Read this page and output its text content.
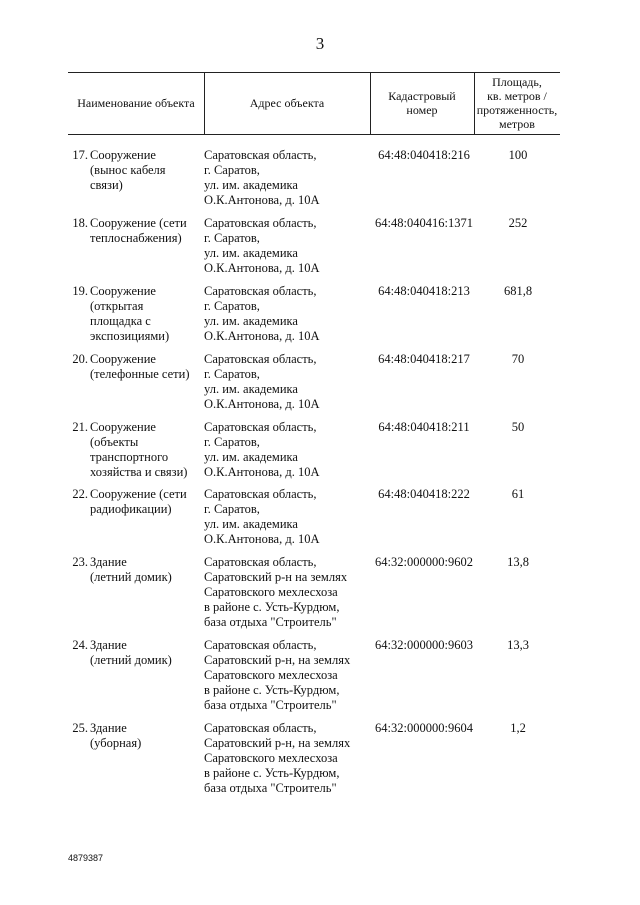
3
Наименование объекта	Адрес объекта	Кадастровый
номер
Площадь,
кв. метров /
протяженность,
метров
17. Сооружение
(вынос кабеля
связи)
Саратовская область,
г. Саратов,
ул. им. академика
О.К.Антонова, д. 10А
64:48:040418:216	100
18. Сооружение (сети
теплоснабжения)
Саратовская область,
г. Саратов,
ул. им. академика
О.К.Антонова, д. 10А
64:48:040416:1371	252
19. Сооружение
(открытая
площадка с
экспозициями)
Саратовская область,
г. Саратов,
ул. им. академика
О.К.Антонова, д. 10А
64:48:040418:213	681,8
20. Сооружение
(телефонные сети)
Саратовская область,
г. Саратов,
ул. им. академика
О.К.Антонова, д. 10А
64:48:040418:217	70
21. Сооружение
(объекты
транспортного
хозяйства и связи)
Саратовская область,
г. Саратов,
ул. им. академика
О.К.Антонова, д. 10А
64:48:040418:211	50
22. Сооружение (сети
радиофикации)
Саратовская область,
г. Саратов,
ул. им. академика
О.К.Антонова, д. 10А
64:48:040418:222	61
23. Здание
(летний домик)
Саратовская область,
Саратовский р-н на землях
Саратовского мехлесхоза
в районе с. Усть-Курдюм,
база отдыха "Строитель"
64:32:000000:9602	13,8
24. Здание
(летний домик)
Саратовская область,
Саратовский р-н, на землях
Саратовского мехлесхоза
в районе с. Усть-Курдюм,
база отдыха "Строитель"
64:32:000000:9603	13,3
25. Здание
(уборная)
Саратовская область,
Саратовский р-н, на землях
Саратовского мехлесхоза
в районе с. Усть-Курдюм,
база отдыха "Строитель"
64:32:000000:9604	1,2
4879387
